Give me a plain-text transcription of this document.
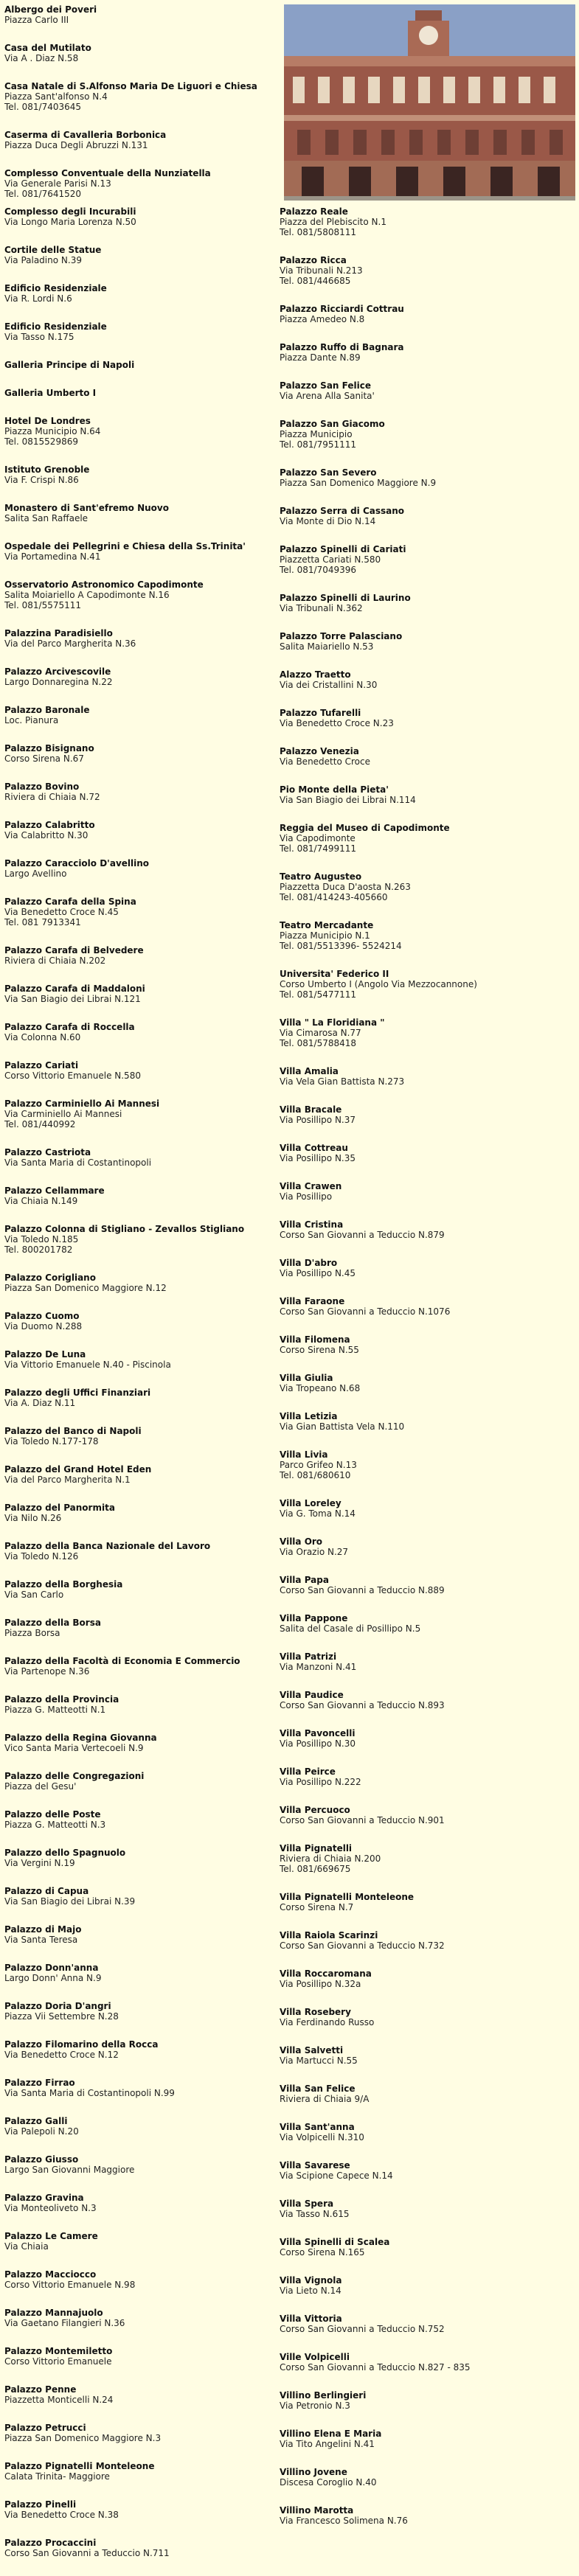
Albergo dei Poveri
Piazza Carlo III
Casa del Mutilato
Via A . Diaz N.58
Casa Natale di S.Alfonso Maria De Liguori e Chiesa
Piazza Sant'alfonso N.4
Tel. 081/7403645
Caserma di Cavalleria Borbonica
Piazza Duca Degli Abruzzi N.131
Complesso Conventuale della Nunziatella
Via Generale Parisi N.13
Tel. 081/7641520
Complesso degli Incurabili
Via Longo Maria Lorenza N.50
Cortile delle Statue
Via Paladino N.39
Edificio Residenziale
Via R. Lordi N.6
Edificio Residenziale
Via Tasso N.175
Galleria Principe di Napoli
Galleria Umberto I
Hotel De Londres
Piazza Municipio N.64
Tel. 0815529869
Istituto Grenoble
Via F. Crispi N.86
Monastero di Sant'efremo Nuovo
Salita San Raffaele
Ospedale dei Pellegrini e Chiesa della Ss.Trinita'
Via Portamedina N.41
Osservatorio Astronomico Capodimonte
Salita Moiariello A Capodimonte N.16
Tel. 081/5575111
Palazzina Paradisiello
Via del Parco Margherita N.36
Palazzo Arcivescovile
Largo Donnaregina N.22
Palazzo Baronale
Loc. Pianura
Palazzo Bisignano
Corso Sirena N.67
Palazzo Bovino
Riviera di Chiaia N.72
Palazzo Calabritto
Via Calabritto N.30
Palazzo Caracciolo D'avellino
Largo Avellino
Palazzo Carafa della Spina
Via Benedetto Croce N.45
Tel. 081 7913341
Palazzo Carafa di Belvedere
Riviera di Chiaia N.202
Palazzo Carafa di Maddaloni
Via San Biagio dei Librai N.121
Palazzo Carafa di Roccella
Via Colonna N.60
Palazzo Cariati
Corso Vittorio Emanuele N.580
Palazzo Carminiello Ai Mannesi
Via Carminiello Ai Mannesi
Tel. 081/440992
Palazzo Castriota
Via Santa Maria di Costantinopoli
Palazzo Cellammare
Via Chiaia N.149
Palazzo Colonna di Stigliano - Zevallos Stigliano
Via Toledo N.185
Tel. 800201782
Palazzo Corigliano
Piazza San Domenico Maggiore N.12
Palazzo Cuomo
Via Duomo N.288
Palazzo De Luna
Via Vittorio Emanuele N.40 - Piscinola
Palazzo degli Uffici Finanziari
Via A. Diaz N.11
Palazzo del Banco di Napoli
Via Toledo N.177-178
Palazzo del Grand Hotel Eden
Via del Parco Margherita N.1
Palazzo del Panormita
Via Nilo N.26
Palazzo della Banca Nazionale del Lavoro
Via Toledo N.126
Palazzo della Borghesia
Via San Carlo
Palazzo della Borsa
Piazza Borsa
Palazzo della Facoltà di Economia E Commercio
Via Partenope N.36
Palazzo della Provincia
Piazza G. Matteotti N.1
Palazzo della Regina Giovanna
Vico Santa Maria Vertecoeli N.9
Palazzo delle Congregazioni
Piazza del Gesu'
Palazzo delle Poste
Piazza G. Matteotti N.3
Palazzo dello Spagnuolo
Via Vergini N.19
Palazzo di Capua
Via San Biagio dei Librai N.39
Palazzo di Majo
Via Santa Teresa
Palazzo Donn'anna
Largo Donn' Anna N.9
Palazzo Doria D'angri
Piazza Vii Settembre N.28
Palazzo Filomarino della Rocca
Via Benedetto Croce N.12
Palazzo Firrao
Via Santa Maria di Costantinopoli N.99
Palazzo Galli
Via Palepoli N.20
Palazzo Giusso
Largo San Giovanni Maggiore
Palazzo Gravina
Via Monteoliveto N.3
Palazzo Le Camere
Via Chiaia
Palazzo Macciocco
Corso Vittorio Emanuele N.98
Palazzo Mannajuolo
Via Gaetano Filangieri N.36
Palazzo Montemiletto
Corso Vittorio Emanuele
Palazzo Penne
Piazzetta Monticelli N.24
Palazzo Petrucci
Piazza San Domenico Maggiore N.3
Palazzo Pignatelli Monteleone
Calata Trinita- Maggiore
Palazzo Pinelli
Via Benedetto Croce N.38
Palazzo Procaccini
Corso San Giovanni a Teduccio N.711
Palazzo Reale
Piazza del Plebiscito N.1
Tel. 081/5808111
Palazzo Ricca
Via Tribunali N.213
Tel. 081/446685
Palazzo Ricciardi Cottrau
Piazza Amedeo N.8
Palazzo Ruffo di Bagnara
Piazza Dante N.89
Palazzo San Felice
Via Arena Alla Sanita'
Palazzo San Giacomo
Piazza Municipio
Tel. 081/7951111
Palazzo San Severo
Piazza San Domenico Maggiore N.9
Palazzo Serra di Cassano
Via Monte di Dio N.14
Palazzo Spinelli di Cariati
Piazzetta Cariati N.580
Tel. 081/7049396
Palazzo Spinelli di Laurino
Via Tribunali N.362
Palazzo Torre Palasciano
Salita Maiariello N.53
Alazzo Traetto
Via dei Cristallini N.30
Palazzo Tufarelli
Via Benedetto Croce N.23
Palazzo Venezia
Via Benedetto Croce
Pio Monte della Pieta'
Via San Biagio dei Librai N.114
Reggia del Museo di Capodimonte
Via Capodimonte
Tel. 081/7499111
Teatro Augusteo
Piazzetta Duca D'aosta N.263
Tel. 081/414243-405660
Teatro Mercadante
Piazza Municipio N.1
Tel. 081/5513396- 5524214
Universita' Federico II
Corso Umberto I (Angolo Via Mezzocannone)
Tel. 081/5477111
Villa " La Floridiana "
Via Cimarosa N.77
Tel. 081/5788418
Villa Amalia
Via Vela Gian Battista N.273
Villa Bracale
Via Posillipo N.37
Villa Cottreau
Via Posillipo N.35
Villa Crawen
Via Posillipo
Villa Cristina
Corso San Giovanni a Teduccio N.879
Villa D'abro
Via Posillipo N.45
Villa Faraone
Corso San Giovanni a Teduccio N.1076
Villa Filomena
Corso Sirena N.55
Villa Giulia
Via Tropeano N.68
Villa Letizia
Via Gian Battista Vela N.110
Villa Livia
Parco Grifeo N.13
Tel. 081/680610
Villa Loreley
Via G. Toma N.14
Villa Oro
Via Orazio N.27
Villa Papa
Corso San Giovanni a Teduccio N.889
Villa Pappone
Salita del Casale di Posillipo N.5
Villa Patrizi
Via Manzoni N.41
Villa Paudice
Corso San Giovanni a Teduccio N.893
Villa Pavoncelli
Via Posillipo N.30
Villa Peirce
Via Posillipo N.222
Villa Percuoco
Corso San Giovanni a Teduccio N.901
Villa Pignatelli
Riviera di Chiaia N.200
Tel. 081/669675
Villa Pignatelli Monteleone
Corso Sirena N.7
Villa Raiola Scarinzi
Corso San Giovanni a Teduccio N.732
Villa Roccaromana
Via Posillipo N.32a
Villa Rosebery
Via Ferdinando Russo
Villa Salvetti
Via Martucci N.55
Villa San Felice
Riviera di Chiaia 9/A
Villa Sant'anna
Via Volpicelli N.310
Villa Savarese
Via Scipione Capece N.14
Villa Spera
Via Tasso N.615
Villa Spinelli di Scalea
Corso Sirena N.165
Villa Vignola
Via Lieto N.14
Villa Vittoria
Corso San Giovanni a Teduccio N.752
Ville Volpicelli
Corso San Giovanni a Teduccio N.827 - 835
Villino Berlingieri
Via Petronio N.3
Villino Elena E Maria
Via Tito Angelini N.41
Villino Jovene
Discesa Coroglio N.40
Villino Marotta
Via Francesco Solimena N.76
